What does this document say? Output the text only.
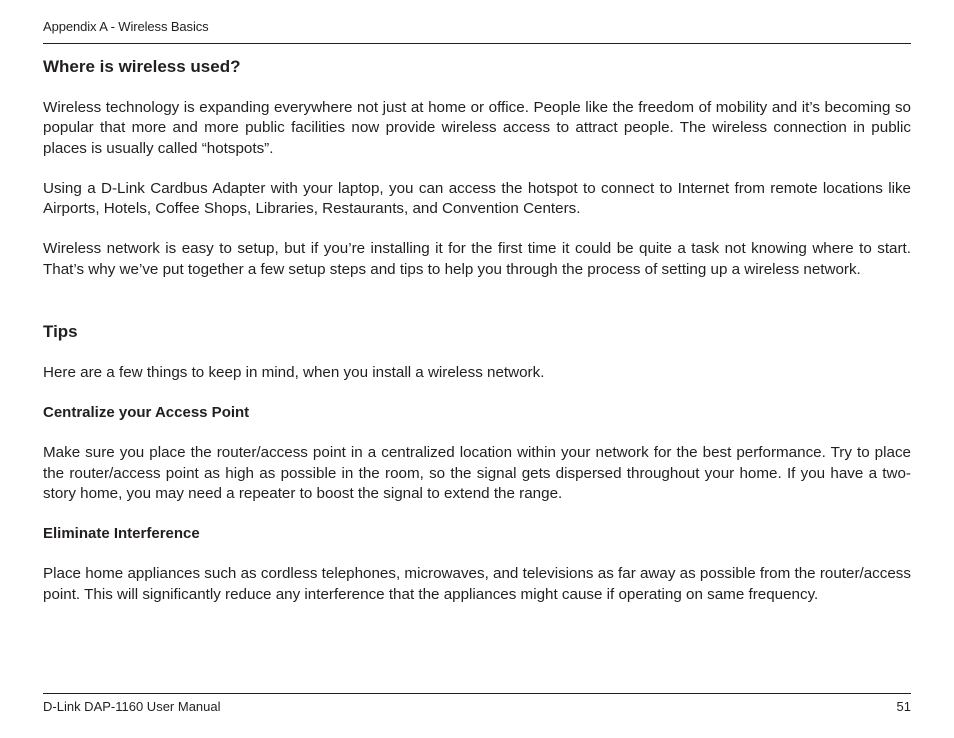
Appendix A - Wireless Basics
Where is wireless used?

Wireless technology is expanding everywhere not just at home or office. People like the freedom of mobility and it’s becoming so popular that more and more public facilities now provide wireless access to attract people. The wireless connection in public places is usually called “hotspots”.

Using a D-Link Cardbus Adapter with your laptop, you can access the hotspot to connect to Internet from remote locations like Airports, Hotels, Coffee Shops, Libraries, Restaurants, and Convention Centers.

Wireless network is easy to setup, but if you’re installing it for the first time it could be quite a task not knowing where to start. That’s why we’ve put together a few setup steps and tips to help you through the process of setting up a wireless network.

Tips

Here are a few things to keep in mind, when you install a wireless network.

Centralize your Access Point

Make sure you place the router/access point in a centralized location within your network for the best performance. Try to place the router/access point as high as possible in the room, so the signal gets dispersed throughout your home. If you have a two-story home, you may need a repeater to boost the signal to extend the range.

Eliminate Interference

Place home appliances such as cordless telephones, microwaves, and televisions as far away as possible from the router/access point. This will significantly reduce any interference that the appliances might cause if operating on same frequency.

D-Link DAP-1160 User Manual	51
